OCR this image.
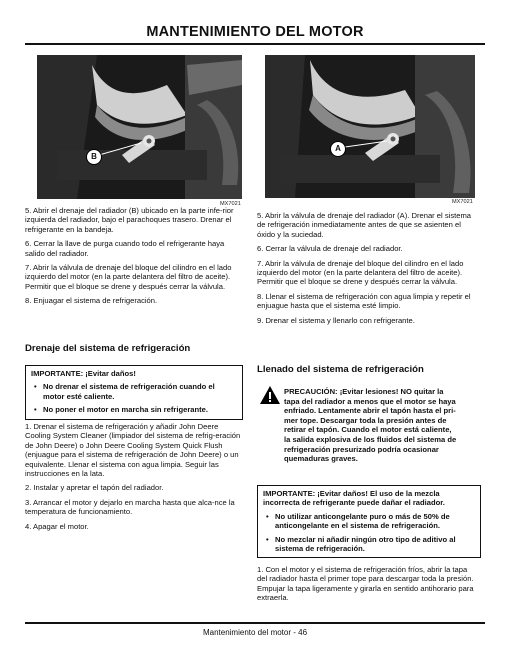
MANTENIMIENTO DEL MOTOR
B
MX7021
A
MX7021

5. Abrir el drenaje del radiador (B) ubicado en la parte infe-rior izquierda del radiador, bajo el parachoques trasero. Drenar el refrigerante en la bandeja.

6. Cerrar la llave de purga cuando todo el refrigerante haya salido del radiador.

7. Abrir la válvula de drenaje del bloque del cilindro en el lado izquierdo del motor (en la parte delantera del filtro de aceite). Permitir que el bloque se drene y después cerrar la válvula.

8. Enjuagar el sistema de refrigeración.

Drenaje del sistema de refrigeración
IMPORTANTE: ¡Evitar daños!
• No drenar el sistema de refrigeración cuando el motor esté caliente.
• No poner el motor en marcha sin refrigerante.

1. Drenar el sistema de refrigeración y añadir John Deere Cooling System Cleaner (limpiador del sistema de refrig-eración de John Deere) o John Deere Cooling System Quick Flush (enjuague para el sistema de refrigeración de John Deere) o un equivalente. Llenar el sistema con agua limpia. Seguir las instrucciones en la lata.

2. Instalar y apretar el tapón del radiador.

3. Arrancar el motor y dejarlo en marcha hasta que alca-nce la temperatura de funcionamiento.

4. Apagar el motor.

5. Abrir la válvula de drenaje del radiador (A). Drenar el sistema de refrigeración inmediatamente antes de que se asienten el óxido y la suciedad.

6. Cerrar la válvula de drenaje del radiador.

7. Abrir la válvula de drenaje del bloque del cilindro en el lado izquierdo del motor (en la parte delantera del filtro de aceite). Permitir que el bloque se drene y después cerrar la válvula.

8. Llenar el sistema de refrigeración con agua limpia y repetir el enjuague hasta que el sistema esté limpio.

9. Drenar el sistema y llenarlo con refrigerante.

Llenado del sistema de refrigeración
PRECAUCIÓN: ¡Evitar lesiones! NO quitar la
tapa del radiador a menos que el motor se haya
enfriado. Lentamente abrir el tapón hasta el pri-
mer tope. Descargar toda la presión antes de
retirar el tapón. Cuando el motor está caliente,
la salida explosiva de los fluidos del sistema de
refrigeración presurizado podría ocasionar
quemaduras graves.
IMPORTANTE: ¡Evitar daños! El uso de la mezcla incorrecta de refrigerante puede dañar el radiador.
• No utilizar anticongelante puro o más de 50% de anticongelante en el sistema de refrigeración.
• No mezclar ni añadir ningún otro tipo de aditivo al sistema de refrigeración.

1. Con el motor y el sistema de refrigeración fríos, abrir la tapa del radiador hasta el primer tope para descargar toda la presión. Empujar la tapa ligeramente y girarla en sentido antihorario para extraerla.

Mantenimiento del motor - 46
